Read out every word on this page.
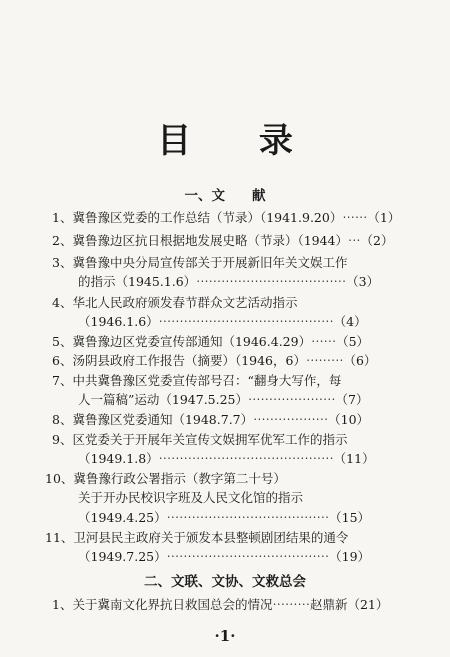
目 录
一、文　　献
1、冀鲁豫区党委的工作总结（节录）（1941.9.20）⋯⋯（1）
2、冀鲁豫边区抗日根据地发展史略（节录）（1944）⋯（2）
3、冀鲁豫中央分局宣传部关于开展新旧年关文娱工作
的指示（1945.1.6）⋯⋯⋯⋯⋯⋯⋯⋯⋯⋯⋯⋯（3）
4、华北人民政府颁发春节群众文艺活动指示
（1946.1.6）⋯⋯⋯⋯⋯⋯⋯⋯⋯⋯⋯⋯⋯⋯（4）
5、冀鲁豫边区党委宣传部通知（1946.4.29）⋯⋯（5）
6、汤阴县政府工作报告（摘要）（1946，6）⋯⋯⋯（6）
7、中共冀鲁豫区党委宣传部号召：“翻身大写作，每
人一篇稿”运动（1947.5.25）⋯⋯⋯⋯⋯⋯⋯（7）
8、冀鲁豫区党委通知（1948.7.7）⋯⋯⋯⋯⋯⋯（10）
9、区党委关于开展年关宣传文娱拥军优军工作的指示
（1949.1.8）⋯⋯⋯⋯⋯⋯⋯⋯⋯⋯⋯⋯⋯⋯（11）
10、冀鲁豫行政公署指示（教字第二十号）
关于开办民校识字班及人民文化馆的指示
（1949.4.25）⋯⋯⋯⋯⋯⋯⋯⋯⋯⋯⋯⋯⋯（15）
11、卫河县民主政府关于颁发本县整顿剧团结果的通令
（1949.7.25）⋯⋯⋯⋯⋯⋯⋯⋯⋯⋯⋯⋯⋯（19）
二、文联、文协、文救总会
1、关于冀南文化界抗日救国总会的情况⋯⋯⋯赵鼎新（21）
·1·
